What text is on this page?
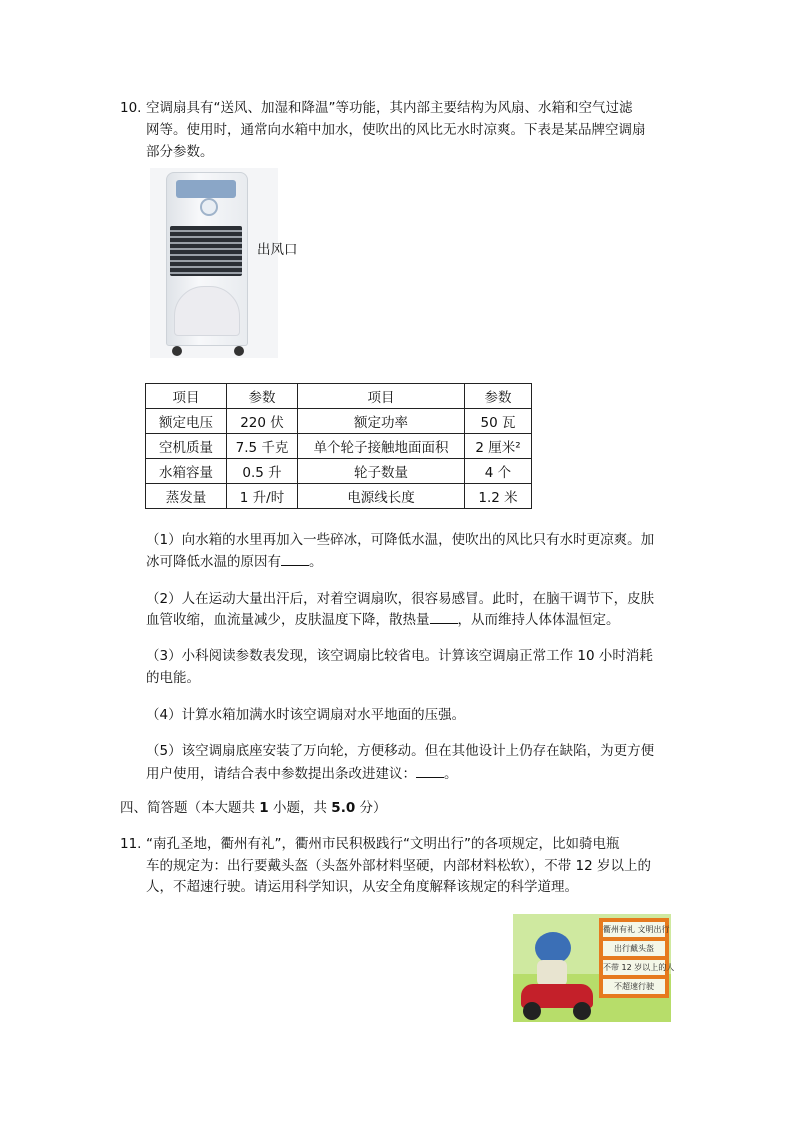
10. 空调扇具有“送风、加湿和降温”等功能，其内部主要结构为风扇、水箱和空气过滤
网等。使用时，通常向水箱中加水，使吹出的风比无水时凉爽。下表是某品牌空调扇
部分参数。
出风口
项目	参数	项目	参数
额定电压	220 伏	额定功率	50 瓦
空机质量	7.5 千克	单个轮子接触地面面积	2 厘米²
水箱容量	0.5 升	轮子数量	4 个
蒸发量	1 升/时	电源线长度	1.2 米
（1）向水箱的水里再加入一些碎冰，可降低水温，使吹出的风比只有水时更凉爽。加
冰可降低水温的原因有 。
（2）人在运动大量出汗后，对着空调扇吹，很容易感冒。此时，在脑干调节下，皮肤
血管收缩，血流量减少，皮肤温度下降，散热量 ，从而维持人体体温恒定。
（3）小科阅读参数表发现，该空调扇比较省电。计算该空调扇正常工作 10 小时消耗
的电能。
（4）计算水箱加满水时该空调扇对水平地面的压强。
（5）该空调扇底座安装了万向轮，方便移动。但在其他设计上仍存在缺陷，为更方便
用户使用，请结合表中参数提出条改进建议： 。
四、简答题（本大题共 1 小题，共 5.0 分）
11. “南孔圣地，衢州有礼”，衢州市民积极践行“文明出行”的各项规定，比如骑电瓶
车的规定为：出行要戴头盔（头盔外部材料坚硬，内部材料松软），不带 12 岁以上的
人，不超速行驶。请运用科学知识，从安全角度解释该规定的科学道理。
衢州有礼 文明出行
出行戴头盔
不带 12 岁以上的人
不超速行驶
